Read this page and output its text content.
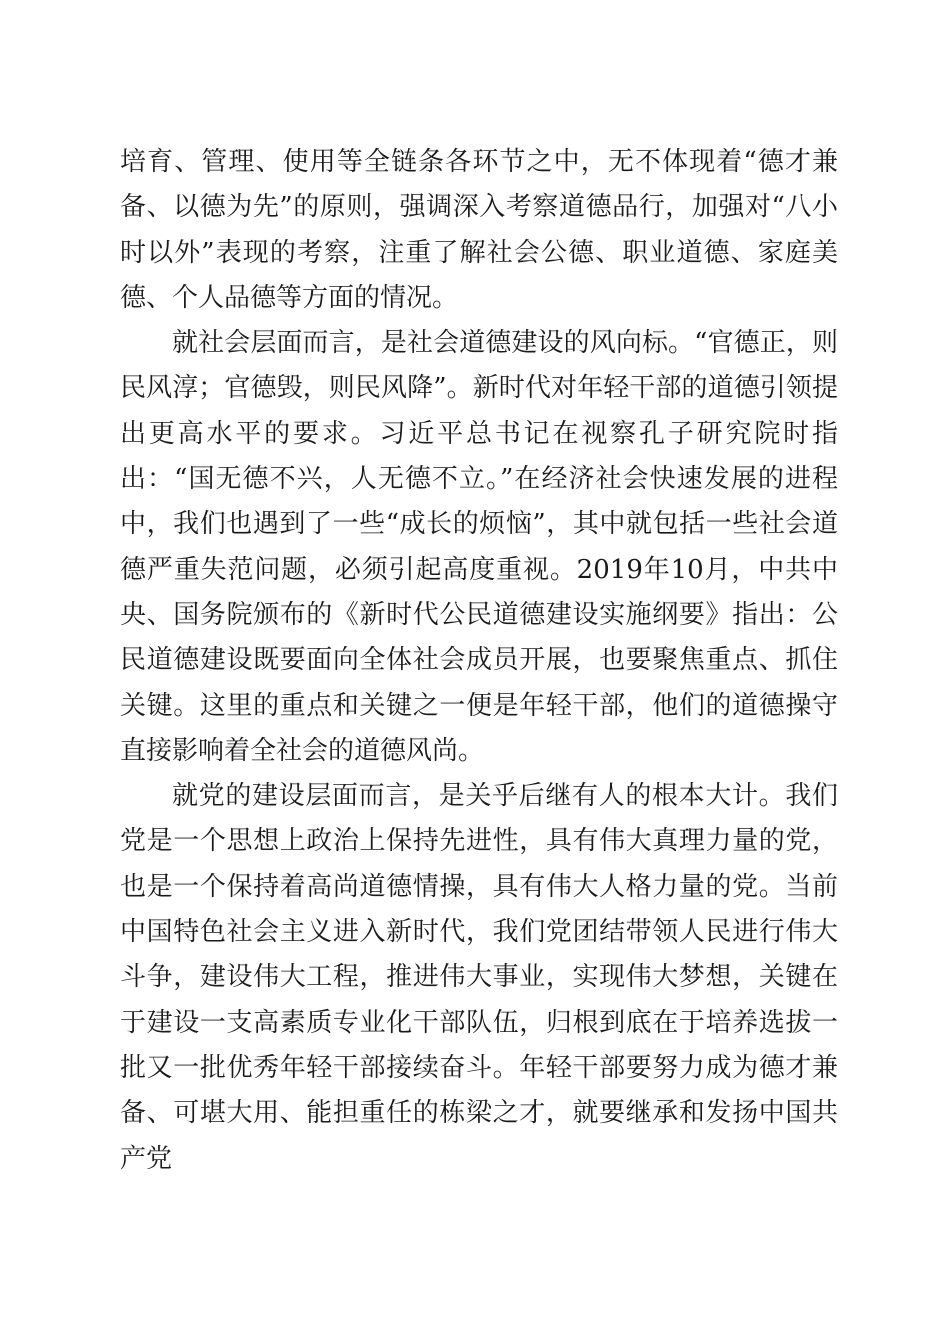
培育、管理、使用等全链条各环节之中，无不体现着“德才兼备、以德为先”的原则，强调深入考察道德品行，加强对“八小时以外”表现的考察，注重了解社会公德、职业道德、家庭美德、个人品德等方面的情况。

就社会层面而言，是社会道德建设的风向标。“官德正，则民风淳；官德毁，则民风降”。新时代对年轻干部的道德引领提出更高水平的要求。习近平总书记在视察孔子研究院时指出：“国无德不兴，人无德不立。”在经济社会快速发展的进程中，我们也遇到了一些“成长的烦恼”，其中就包括一些社会道德严重失范问题，必须引起高度重视。2019年10月，中共中央、国务院颁布的《新时代公民道德建设实施纲要》指出：公民道德建设既要面向全体社会成员开展，也要聚焦重点、抓住关键。这里的重点和关键之一便是年轻干部，他们的道德操守直接影响着全社会的道德风尚。

就党的建设层面而言，是关乎后继有人的根本大计。我们党是一个思想上政治上保持先进性，具有伟大真理力量的党，也是一个保持着高尚道德情操，具有伟大人格力量的党。当前中国特色社会主义进入新时代，我们党团结带领人民进行伟大斗争，建设伟大工程，推进伟大事业，实现伟大梦想，关键在于建设一支高素质专业化干部队伍，归根到底在于培养选拔一批又一批优秀年轻干部接续奋斗。年轻干部要努力成为德才兼备、可堪大用、能担重任的栋梁之才，就要继承和发扬中国共产党
